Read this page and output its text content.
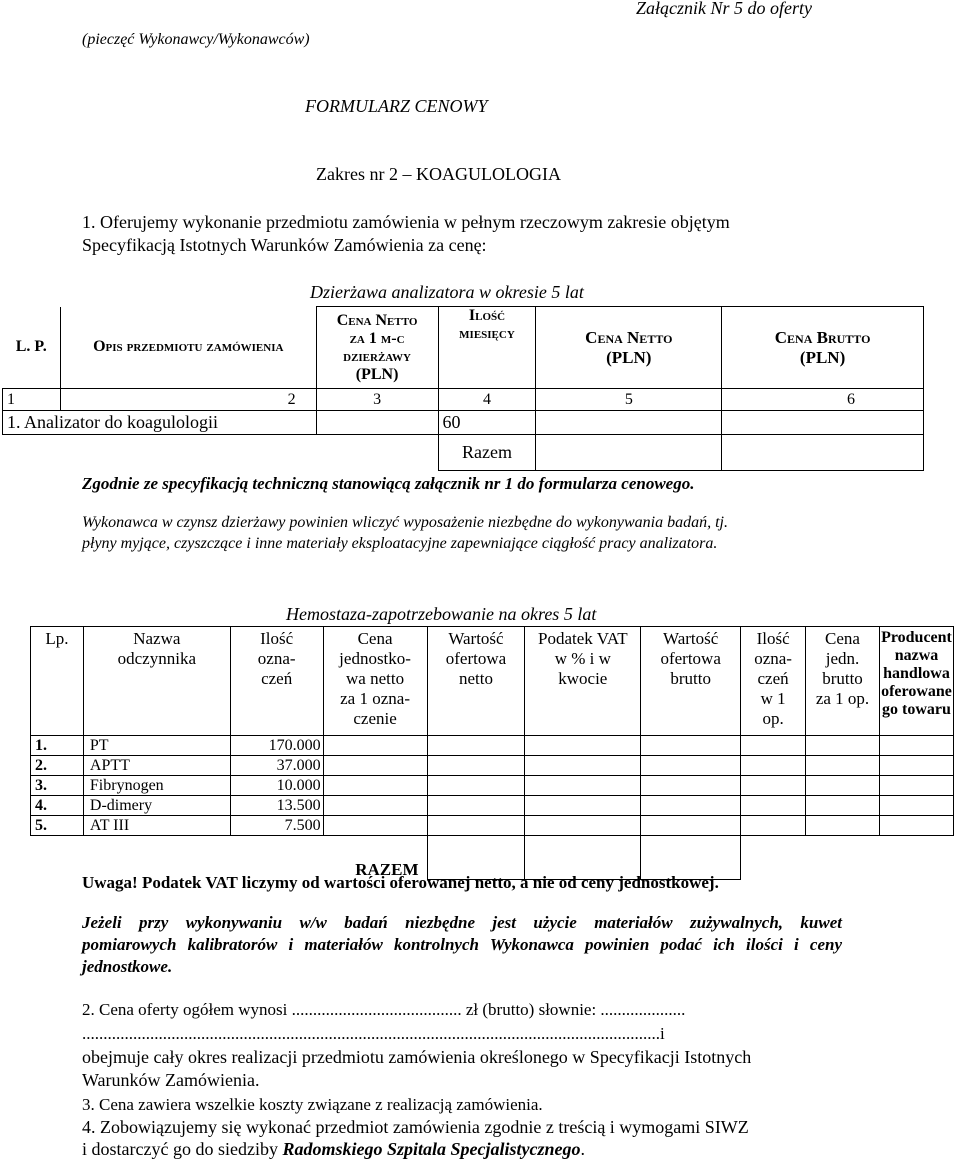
Załącznik Nr 5 do oferty
(pieczęć Wykonawcy/Wykonawców)
FORMULARZ CENOWY
Zakres nr 2 – KOAGULOLOGIA
1. Oferujemy wykonanie przedmiotu zamówienia w pełnym rzeczowym zakresie objętym
Specyfikacją Istotnych Warunków Zamówienia za cenę:
Dzierżawa analizatora w okresie 5 lat
L. P.	Opis przedmiotu zamówienia	Cena Netto
za 1 m-c
dzierżawy
(PLN)	Ilość
miesięcy	Cena Netto
(PLN)	Cena Brutto
(PLN)

1	2	3	4	5	6
1. Analizator do koagulologii			60		
			Razem		
Zgodnie ze specyfikacją techniczną stanowiącą załącznik nr 1 do formularza cenowego.
Wykonawca w czynsz dzierżawy powinien wliczyć wyposażenie niezbędne do wykonywania badań, tj.
płyny myjące, czyszczące i inne materiały eksploatacyjne zapewniające ciągłość pracy analizatora.
Hemostaza-zapotrzebowanie na okres 5 lat
Lp.	Nazwa
odczynnika	Ilość
ozna-
czeń	Cena
jednostko-
wa netto
za 1 ozna-
czenie	Wartość
ofertowa
netto	Podatek VAT
w % i w
kwocie	Wartość
ofertowa
brutto	Ilość
ozna-
czeń
w 1
op.	Cena
jedn.
brutto
za 1 op.	Producent
nazwa
handlowa
oferowane
go towaru

1.	PT	170.000							
2.	APTT	37.000							
3.	Fibrynogen	10.000							
4.	D-dimery	13.500							
5.	AT III	7.500							
RAZEM									
Uwaga! Podatek VAT liczymy od wartości oferowanej netto, a nie od ceny jednostkowej.
Jeżeli przy wykonywaniu w/w badań niezbędne jest użycie materiałów zużywalnych, kuwet
pomiarowych kalibratorów i materiałów kontrolnych Wykonawca powinien podać ich ilości i ceny
jednostkowe.
2. Cena oferty ogółem wynosi ........................................ zł (brutto) słownie: ....................
........................................................................................................................................i
obejmuje cały okres realizacji przedmiotu zamówienia określonego w Specyfikacji Istotnych
Warunków Zamówienia.
3. Cena zawiera wszelkie koszty związane z realizacją zamówienia.
4. Zobowiązujemy się wykonać przedmiot zamówienia zgodnie z treścią i wymogami SIWZ
i dostarczyć go do siedziby Radomskiego Szpitala Specjalistycznego.
